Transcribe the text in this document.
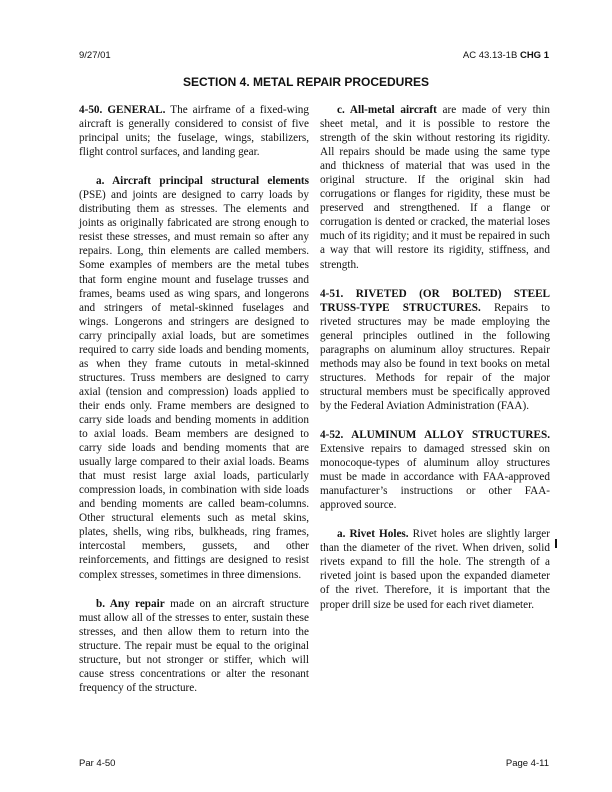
9/27/01	AC 43.13-1B CHG 1
SECTION 4. METAL REPAIR PROCEDURES

4-50. GENERAL. The airframe of a fixed-wing aircraft is generally considered to consist of five principal units; the fuselage, wings, stabilizers, flight control surfaces, and landing gear.

a. Aircraft principal structural elements (PSE) and joints are designed to carry loads by distributing them as stresses. The elements and joints as originally fabricated are strong enough to resist these stresses, and must remain so after any repairs. Long, thin elements are called members. Some examples of members are the metal tubes that form engine mount and fuselage trusses and frames, beams used as wing spars, and longerons and stringers of metal-skinned fuselages and wings. Longerons and stringers are designed to carry principally axial loads, but are sometimes required to carry side loads and bending moments, as when they frame cutouts in metal-skinned structures. Truss members are designed to carry axial (tension and compression) loads applied to their ends only. Frame members are designed to carry side loads and bending moments in addition to axial loads. Beam members are designed to carry side loads and bending moments that are usually large compared to their axial loads. Beams that must resist large axial loads, particularly compression loads, in combination with side loads and bending moments are called beam-columns. Other structural elements such as metal skins, plates, shells, wing ribs, bulkheads, ring frames, intercostal members, gussets, and other reinforcements, and fittings are designed to resist complex stresses, sometimes in three dimensions.

b. Any repair made on an aircraft structure must allow all of the stresses to enter, sustain these stresses, and then allow them to return into the structure. The repair must be equal to the original structure, but not stronger or stiffer, which will cause stress concentrations or alter the resonant frequency of the structure.

c. All-metal aircraft are made of very thin sheet metal, and it is possible to restore the strength of the skin without restoring its rigidity. All repairs should be made using the same type and thickness of material that was used in the original structure. If the original skin had corrugations or flanges for rigidity, these must be preserved and strengthened. If a flange or corrugation is dented or cracked, the material loses much of its rigidity; and it must be repaired in such a way that will restore its rigidity, stiffness, and strength.

4-51. RIVETED (OR BOLTED) STEEL TRUSS-TYPE STRUCTURES. Repairs to riveted structures may be made employing the general principles outlined in the following paragraphs on aluminum alloy structures. Repair methods may also be found in text books on metal structures. Methods for repair of the major structural members must be specifically approved by the Federal Aviation Administration (FAA).

4-52. ALUMINUM ALLOY STRUCTURES. Extensive repairs to damaged stressed skin on monocoque-types of aluminum alloy structures must be made in accordance with FAA-approved manufacturer’s instructions or other FAA-approved source.

a. Rivet Holes. Rivet holes are slightly larger than the diameter of the rivet. When driven, solid rivets expand to fill the hole. The strength of a riveted joint is based upon the expanded diameter of the rivet. Therefore, it is important that the proper drill size be used for each rivet diameter.

Par 4-50	Page 4-11
